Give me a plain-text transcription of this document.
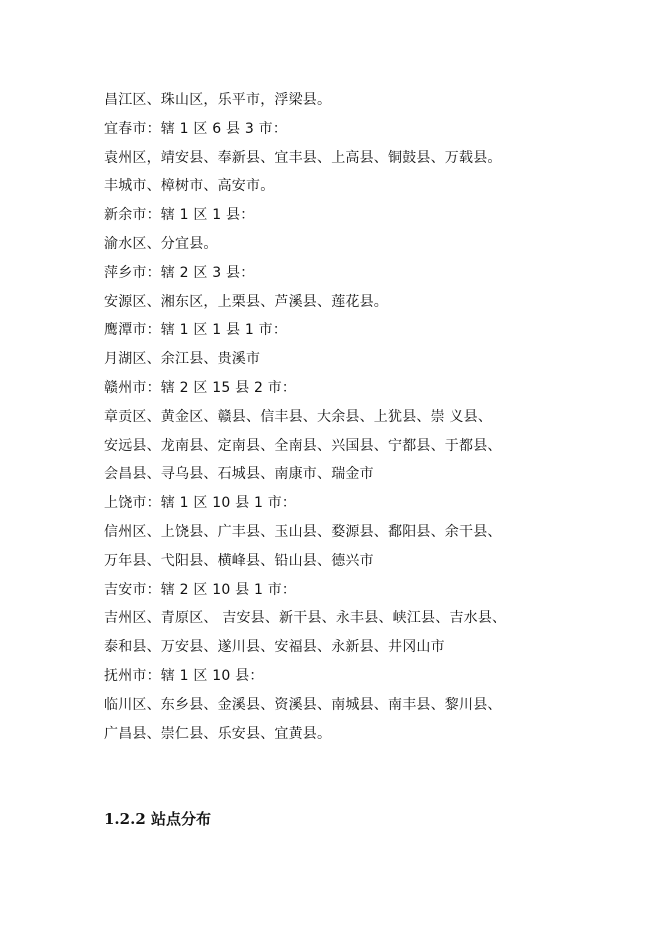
昌江区、珠山区，乐平市，浮梁县。
宜春市：辖 1 区 6 县 3 市：
袁州区，靖安县、奉新县、宜丰县、上高县、铜鼓县、万载县。
丰城市、樟树市、高安市。
新余市：辖 1 区 1 县：
渝水区、分宜县。
萍乡市：辖 2 区 3 县：
安源区、湘东区，上栗县、芦溪县、莲花县。
鹰潭市：辖 1 区 1 县 1 市：
月湖区、余江县、贵溪市
赣州市：辖 2 区 15 县 2 市：
章贡区、黄金区、赣县、信丰县、大余县、上犹县、崇 义县、
安远县、龙南县、定南县、全南县、兴国县、宁都县、于都县、
会昌县、寻乌县、石城县、南康市、瑞金市
上饶市：辖 1 区 10 县 1 市：
信州区、上饶县、广丰县、玉山县、婺源县、鄱阳县、余干县、
万年县、弋阳县、横峰县、铅山县、德兴市
吉安市：辖 2 区 10 县 1 市：
吉州区、青原区、 吉安县、新干县、永丰县、峡江县、吉水县、
泰和县、万安县、遂川县、安福县、永新县、井冈山市
抚州市：辖 1 区 10 县：
临川区、东乡县、金溪县、资溪县、南城县、南丰县、黎川县、
广昌县、崇仁县、乐安县、宜黄县。
1.2.2 站点分布
